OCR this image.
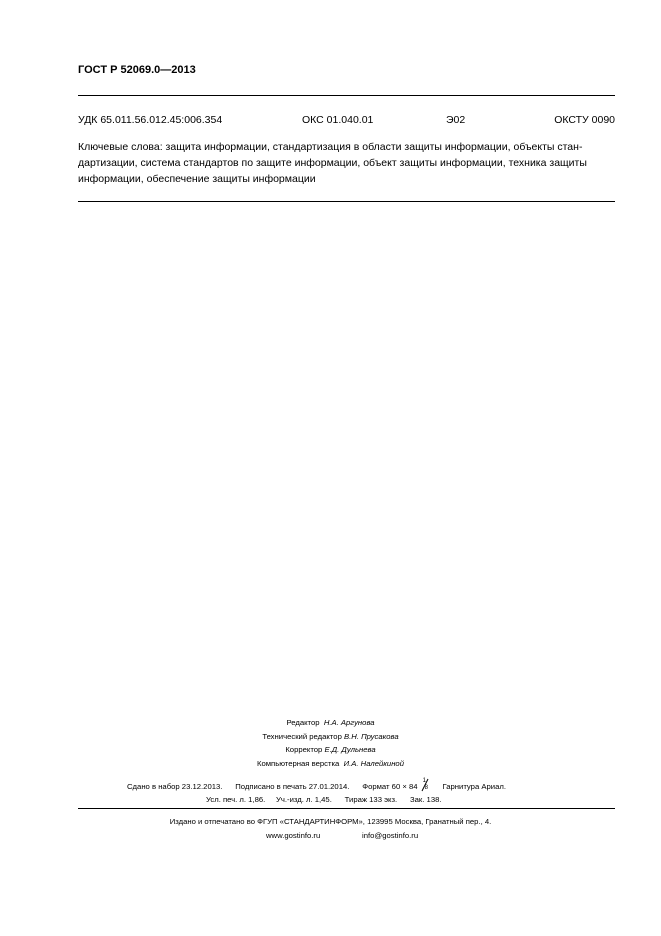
ГОСТ Р 52069.0—2013
УДК 65.011.56.012.45:006.354	ОКС 01.040.01	Э02	ОКСТУ 0090

Ключевые слова: защита информации, стандартизация в области защиты информации, объекты стан-

дартизации, система стандартов по защите информации, объект защиты информации, техника защиты

информации, обеспечение защиты информации

Редактор Н.А. Аргунова

Технический редактор В.Н. Прусакова

Корректор Е.Д. Дульнева

Компьютерная верстка И.А. Налейкиной

Сдано в набор 23.12.2013. Подписано в печать 27.01.2014. Формат 60 × 84
1
8 Гарнитура Ариал.
Усл. печ. л. 1,86. Уч.-изд. л. 1,45. Тираж 133 экз. Зак. 138.
Издано и отпечатано во ФГУП «СТАНДАРТИНФОРМ», 123995 Москва, Гранатный пер., 4.
www.gostinfo.ru	info@gostinfo.ru
